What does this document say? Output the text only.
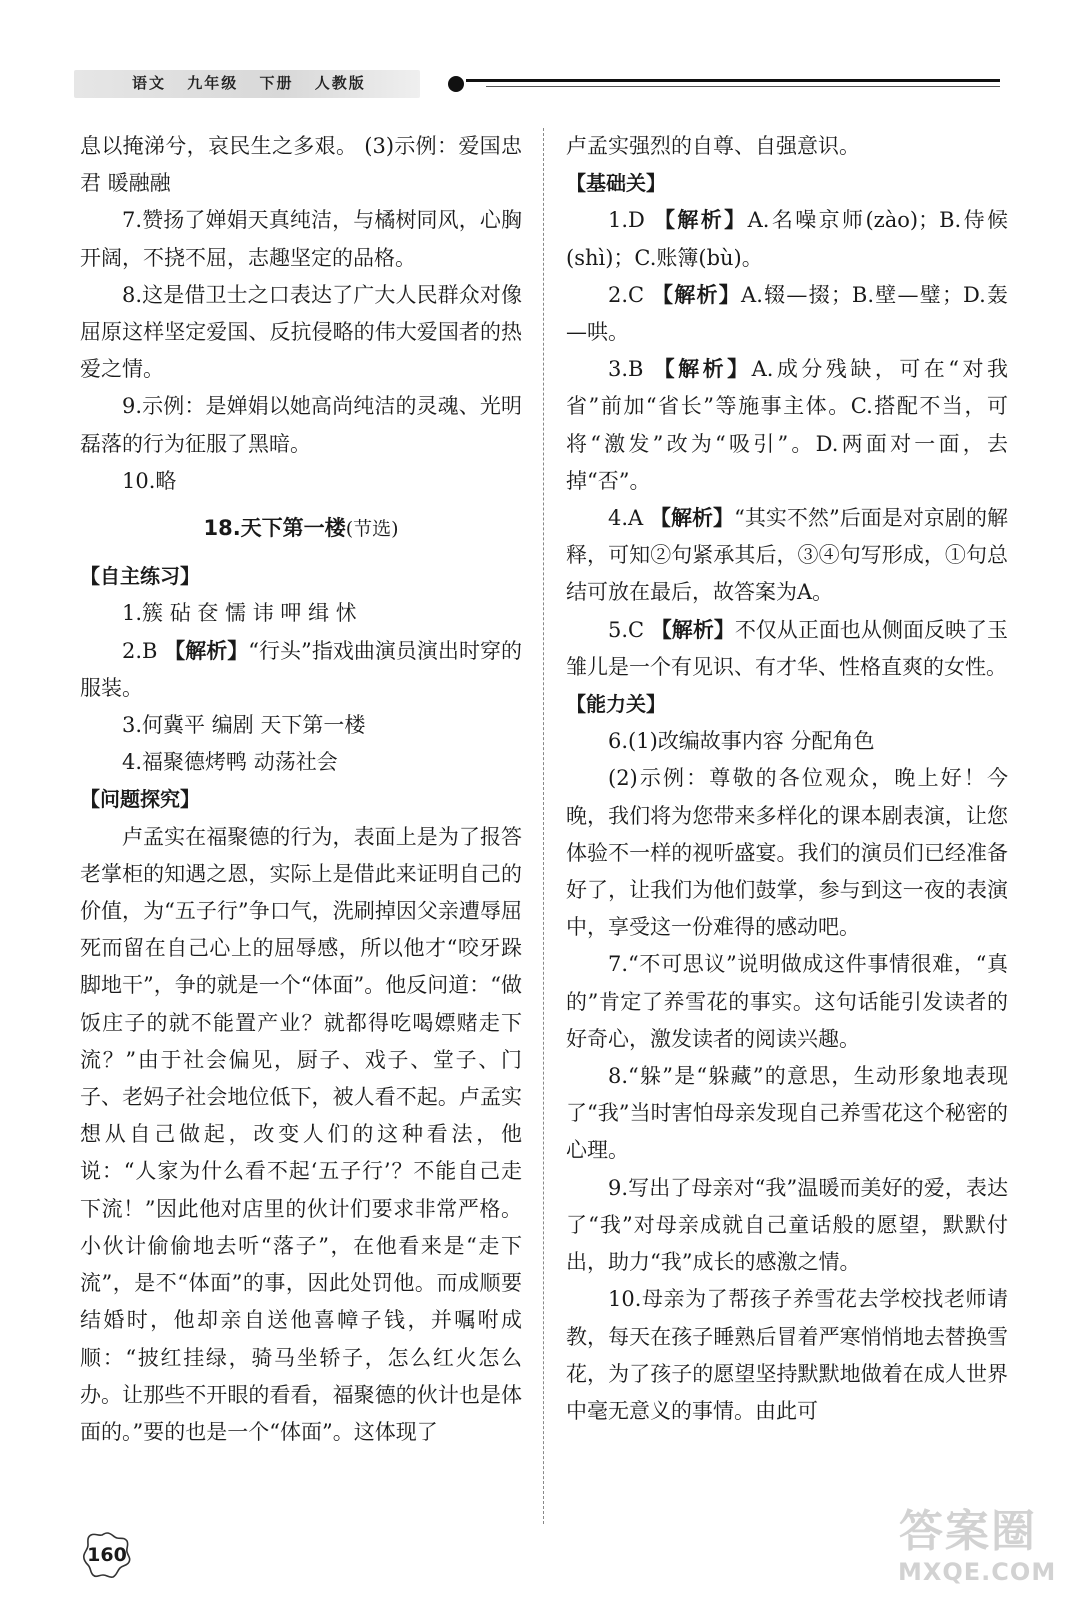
语文 九年级 下册 人教版

息以掩涕兮，哀民生之多艰。 (3)示例：爱国忠君 暖融融

7.赞扬了婵娟天真纯洁，与橘树同风，心胸开阔，不挠不屈，志趣坚定的品格。

8.这是借卫士之口表达了广大人民群众对像屈原这样坚定爱国、反抗侵略的伟大爱国者的热爱之情。

9.示例：是婵娟以她高尚纯洁的灵魂、光明磊落的行为征服了黑暗。

10.略

18.天下第一楼(节选)

【自主练习】

1.簇 砧 奁 懦 讳 呷 缉 怵

2.B 【解析】“行头”指戏曲演员演出时穿的服装。

3.何冀平 编剧 天下第一楼

4.福聚德烤鸭 动荡社会

【问题探究】

卢孟实在福聚德的行为，表面上是为了报答老掌柜的知遇之恩，实际上是借此来证明自己的价值，为“五子行”争口气，洗刷掉因父亲遭辱屈死而留在自己心上的屈辱感，所以他才“咬牙跺脚地干”，争的就是一个“体面”。他反问道：“做饭庄子的就不能置产业？就都得吃喝嫖赌走下流？”由于社会偏见，厨子、戏子、堂子、门子、老妈子社会地位低下，被人看不起。卢孟实想从自己做起，改变人们的这种看法，他说：“人家为什么看不起‘五子行’？不能自己走下流！”因此他对店里的伙计们要求非常严格。小伙计偷偷地去听“落子”，在他看来是“走下流”，是不“体面”的事，因此处罚他。而成顺要结婚时，他却亲自送他喜幛子钱，并嘱咐成顺：“披红挂绿，骑马坐轿子，怎么红火怎么办。让那些不开眼的看看，福聚德的伙计也是体面的。”要的也是一个“体面”。这体现了

卢孟实强烈的自尊、自强意识。

【基础关】

1.D 【解析】A.名噪京师(zào)；B.侍候(shì)；C.账簿(bù)。

2.C 【解析】A.辍—掇；B.壁—璧；D.轰—哄。

3.B 【解析】A.成分残缺，可在“对我省”前加“省长”等施事主体。C.搭配不当，可将“激发”改为“吸引”。D.两面对一面，去掉“否”。

4.A 【解析】“其实不然”后面是对京剧的解释，可知②句紧承其后，③④句写形成，①句总结可放在最后，故答案为A。

5.C 【解析】不仅从正面也从侧面反映了玉雏儿是一个有见识、有才华、性格直爽的女性。

【能力关】

6.(1)改编故事内容 分配角色

(2)示例：尊敬的各位观众，晚上好！今晚，我们将为您带来多样化的课本剧表演，让您体验不一样的视听盛宴。我们的演员们已经准备好了，让我们为他们鼓掌，参与到这一夜的表演中，享受这一份难得的感动吧。

7.“不可思议”说明做成这件事情很难，“真的”肯定了养雪花的事实。这句话能引发读者的好奇心，激发读者的阅读兴趣。

8.“躲”是“躲藏”的意思，生动形象地表现了“我”当时害怕母亲发现自己养雪花这个秘密的心理。

9.写出了母亲对“我”温暖而美好的爱，表达了“我”对母亲成就自己童话般的愿望，默默付出，助力“我”成长的感激之情。

10.母亲为了帮孩子养雪花去学校找老师请教，每天在孩子睡熟后冒着严寒悄悄地去替换雪花，为了孩子的愿望坚持默默地做着在成人世界中毫无意义的事情。由此可

160	答案圈
MXQE.COM
